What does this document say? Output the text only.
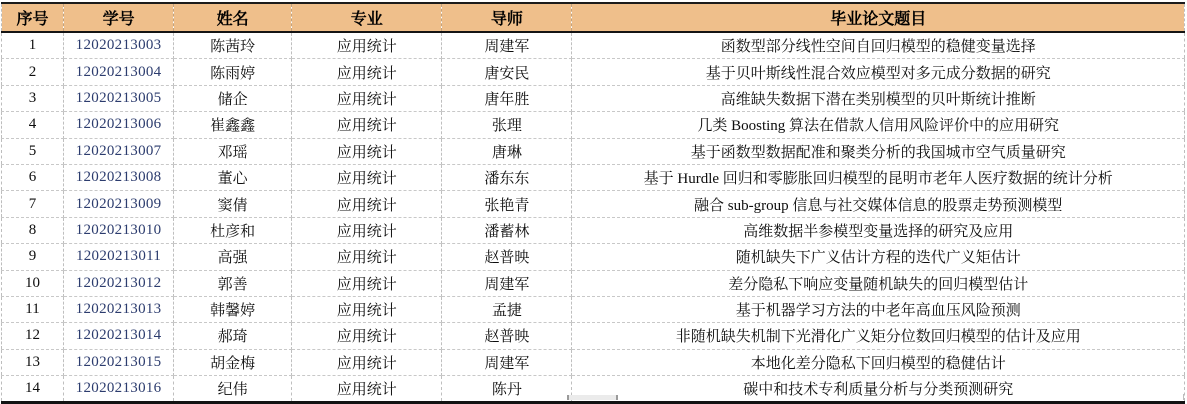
序号	学号	姓名	专业	导师	毕业论文题目
1	12020213003	陈茜玲	应用统计	周建军	函数型部分线性空间自回归模型的稳健变量选择
2	12020213004	陈雨婷	应用统计	唐安民	基于贝叶斯线性混合效应模型对多元成分数据的研究
3	12020213005	储企	应用统计	唐年胜	高维缺失数据下潜在类别模型的贝叶斯统计推断
4	12020213006	崔鑫鑫	应用统计	张理	几类 Boosting 算法在借款人信用风险评价中的应用研究
5	12020213007	邓瑶	应用统计	唐琳	基于函数型数据配准和聚类分析的我国城市空气质量研究
6	12020213008	董心	应用统计	潘东东	基于 Hurdle 回归和零膨胀回归模型的昆明市老年人医疗数据的统计分析
7	12020213009	窦倩	应用统计	张艳青	融合 sub-group 信息与社交媒体信息的股票走势预测模型
8	12020213010	杜彦和	应用统计	潘蓄林	高维数据半参模型变量选择的研究及应用
9	12020213011	高强	应用统计	赵普映	随机缺失下广义估计方程的迭代广义矩估计
10	12020213012	郭善	应用统计	周建军	差分隐私下响应变量随机缺失的回归模型估计
11	12020213013	韩馨婷	应用统计	孟捷	基于机器学习方法的中老年高血压风险预测
12	12020213014	郝琦	应用统计	赵普映	非随机缺失机制下光滑化广义矩分位数回归模型的估计及应用
13	12020213015	胡金梅	应用统计	周建军	本地化差分隐私下回归模型的稳健估计
14	12020213016	纪伟	应用统计	陈丹	碳中和技术专利质量分析与分类预测研究
